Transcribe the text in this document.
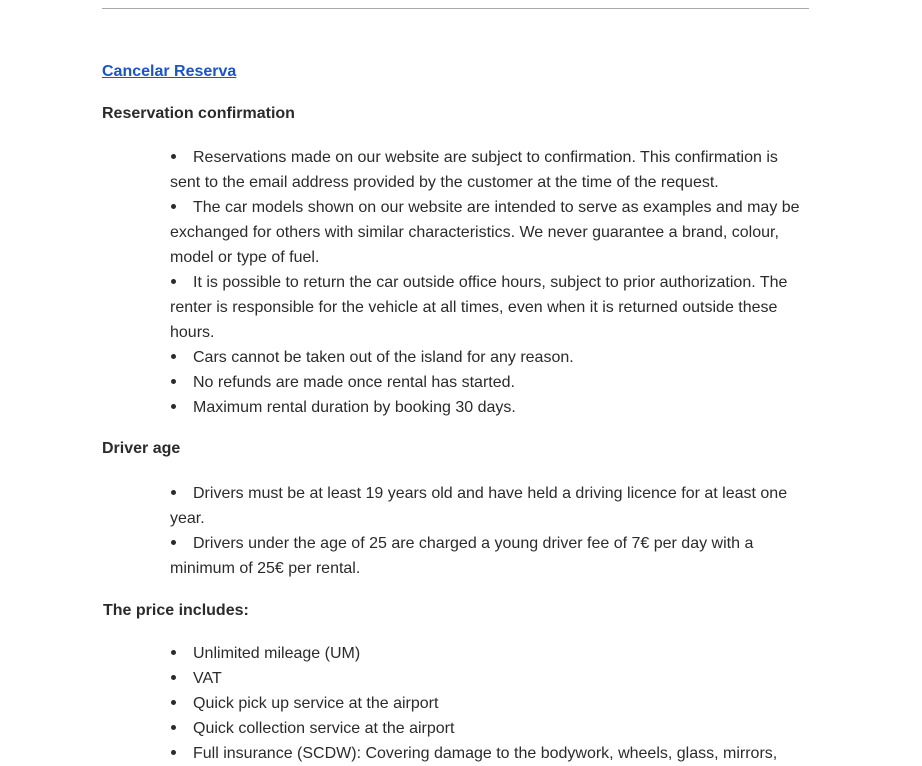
Cancelar Reserva
Reservation confirmation
Reservations made on our website are subject to confirmation. This confirmation is sent to the email address provided by the customer at the time of the request.
The car models shown on our website are intended to serve as examples and may be exchanged for others with similar characteristics. We never guarantee a brand, colour, model or type of fuel.
It is possible to return the car outside office hours, subject to prior authorization. The renter is responsible for the vehicle at all times, even when it is returned outside these hours.
Cars cannot be taken out of the island for any reason.
No refunds are made once rental has started.
Maximum rental duration by booking 30 days.
Driver age
Drivers must be at least 19 years old and have held a driving licence for at least one year.
Drivers under the age of 25 are charged a young driver fee of 7€ per day with a minimum of 25€ per rental.
The price includes:
Unlimited mileage (UM)
VAT
Quick pick up service at the airport
Quick collection service at the airport
Full insurance (SCDW): Covering damage to the bodywork, wheels, glass, mirrors,
